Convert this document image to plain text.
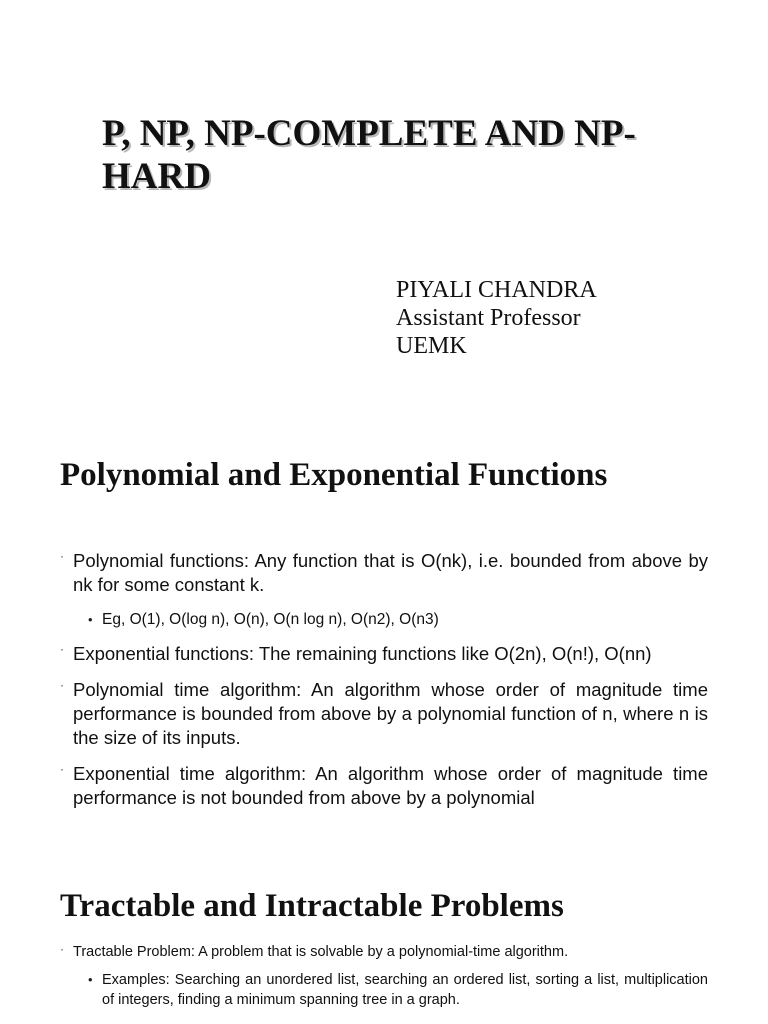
P, NP, NP-COMPLETE AND NP-HARD
PIYALI CHANDRA
Assistant Professor
UEMK
Polynomial and Exponential Functions
· Polynomial functions: Any function that is O(nk), i.e. bounded from above by nk for some constant k.
• Eg, O(1), O(log n), O(n), O(n log n), O(n2), O(n3)
· Exponential functions: The remaining functions like O(2n), O(n!), O(nn)
· Polynomial time algorithm: An algorithm whose order of magnitude time performance is bounded from above by a polynomial function of n, where n is the size of its inputs.
· Exponential time algorithm: An algorithm whose order of magnitude time performance is not bounded from above by a polynomial
Tractable and Intractable Problems
· Tractable Problem: A problem that is solvable by a polynomial-time algorithm.
• Examples: Searching an unordered list, searching an ordered list, sorting a list, multiplication of integers, finding a minimum spanning tree in a graph.
